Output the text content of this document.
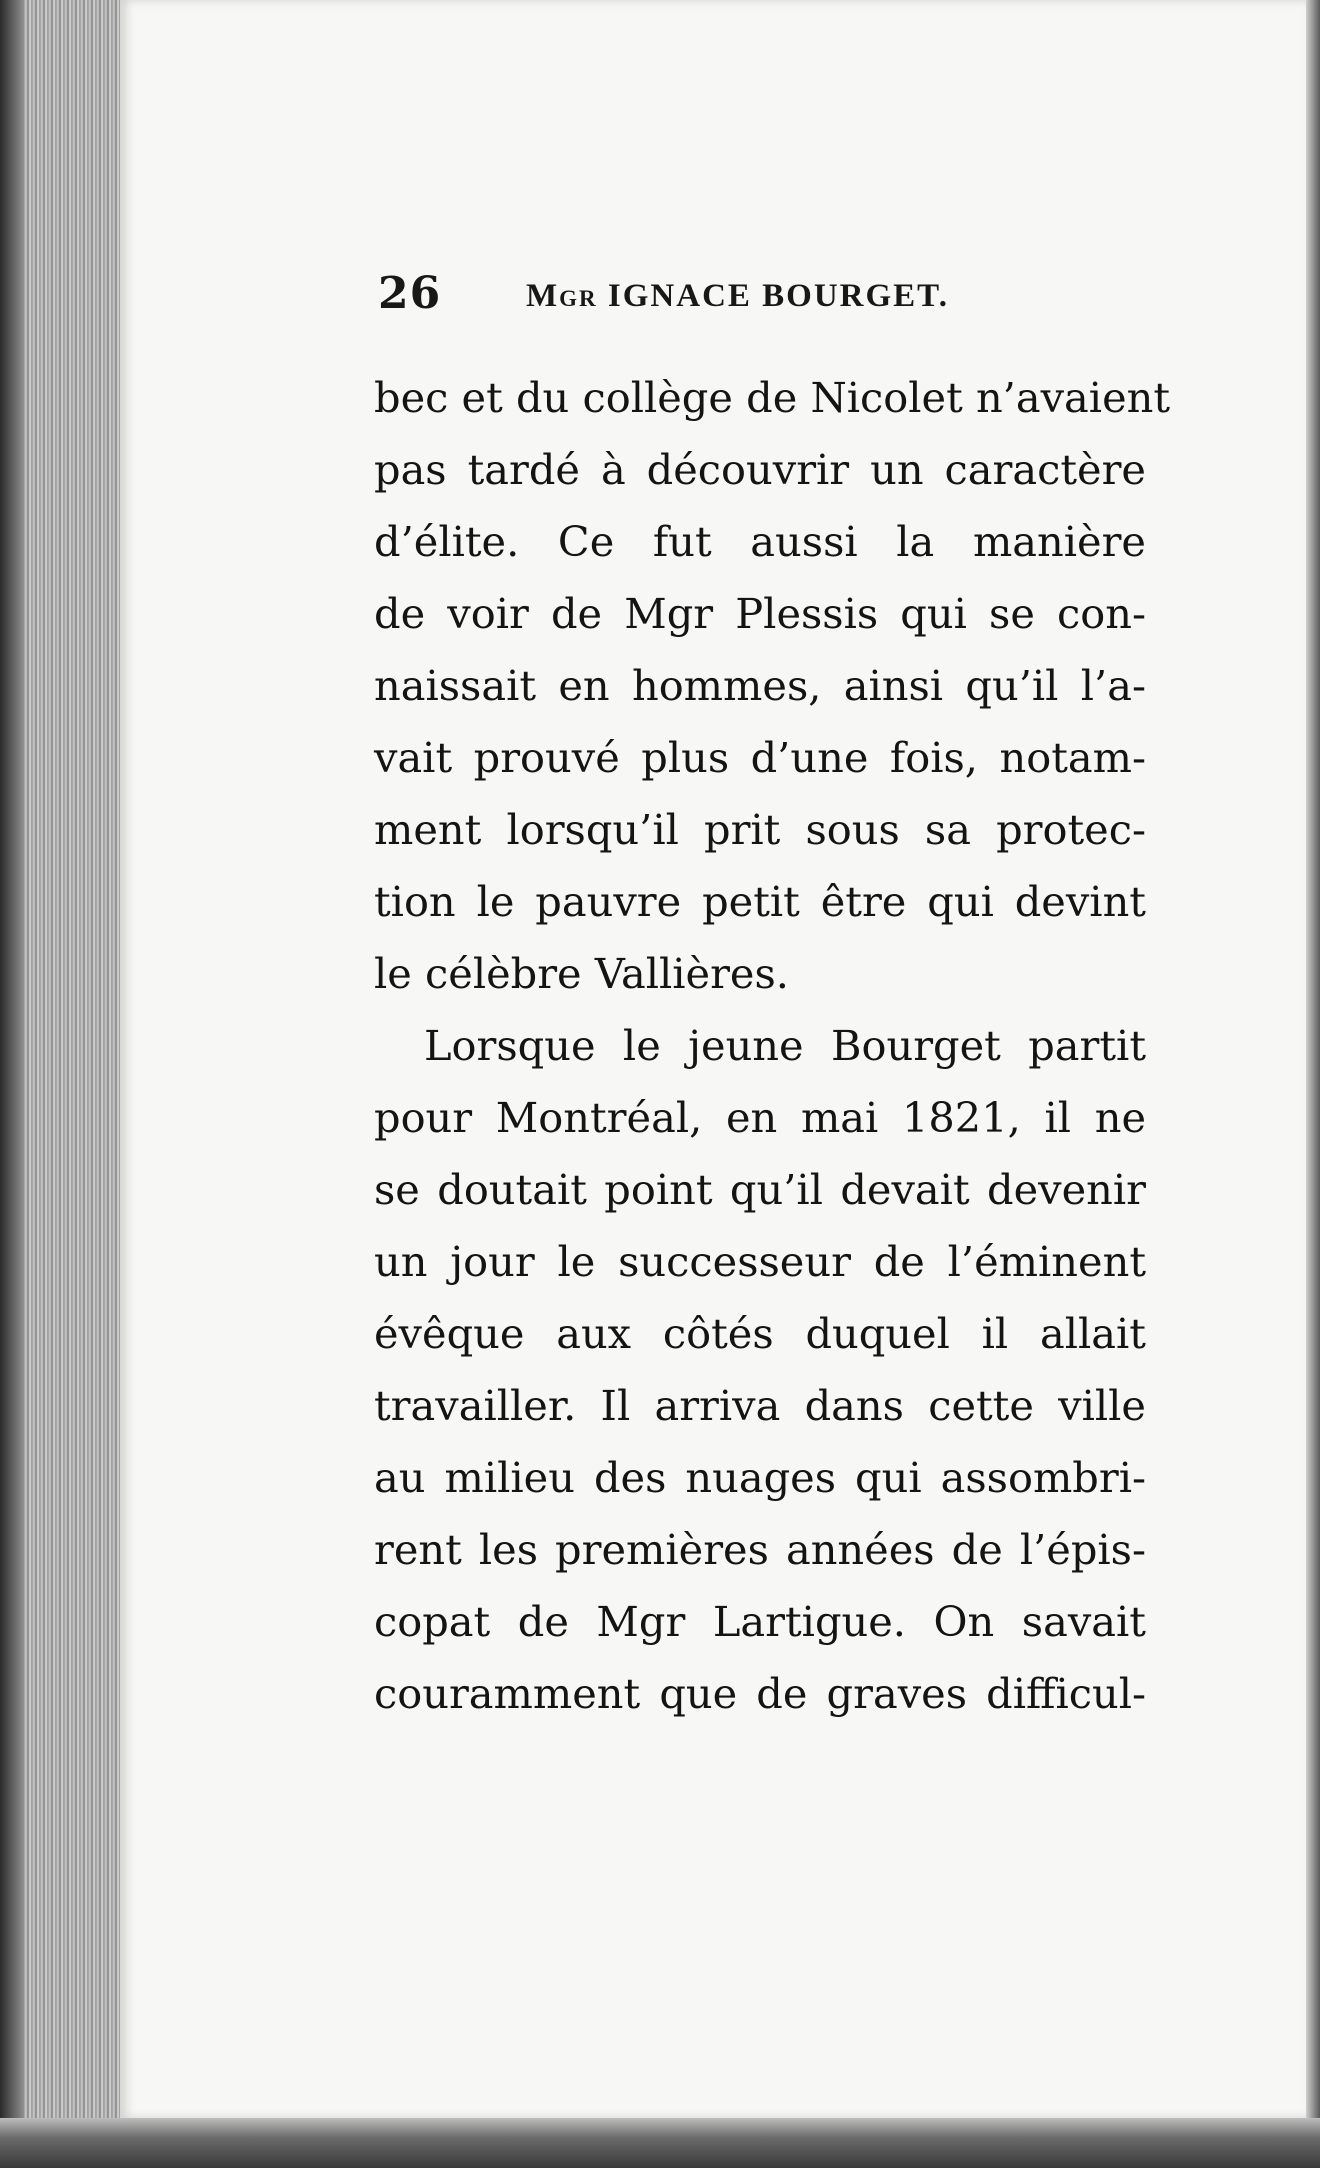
26	Mgr IGNACE BOURGET.
bec et du collège de Nicolet n’avaient
pas tardé à découvrir un caractère
d’élite. Ce fut aussi la manière
de voir de Mgr Plessis qui se con-
naissait en hommes, ainsi qu’il l’a-
vait prouvé plus d’une fois, notam-
ment lorsqu’il prit sous sa protec-
tion le pauvre petit être qui devint
le célèbre Vallières.
Lorsque le jeune Bourget partit
pour Montréal, en mai 1821, il ne
se doutait point qu’il devait devenir
un jour le successeur de l’éminent
évêque aux côtés duquel il allait
travailler. Il arriva dans cette ville
au milieu des nuages qui assombri-
rent les premières années de l’épis-
copat de Mgr Lartigue. On savait
couramment que de graves difficul-
